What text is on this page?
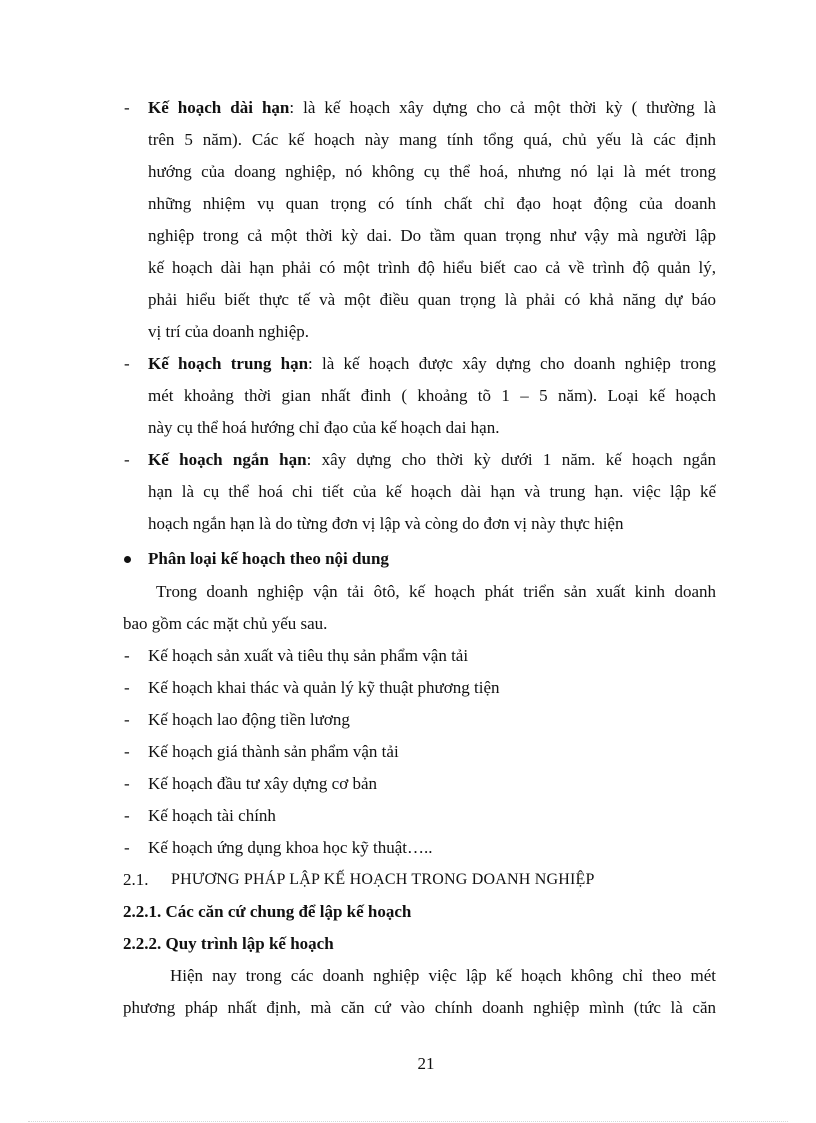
- Kế hoạch dài hạn: là kế hoạch xây dựng cho cả một thời kỳ ( thường là
trên 5 năm). Các kế hoạch này mang tính tổng quá, chủ yếu là các định
hướng của doang nghiệp, nó không cụ thể hoá, nhưng nó lại là mét trong
những nhiệm vụ quan trọng có tính chất chỉ đạo hoạt động của doanh
nghiệp trong cả một thời kỳ dai. Do tầm quan trọng như vậy mà người lập
kế hoạch dài hạn phải có một trình độ hiểu biết cao cả về trình độ quản lý,
phải hiểu biết thực tế và một điều quan trọng là phải có khả năng dự báo
vị trí của doanh nghiệp.
- Kế hoạch trung hạn: là kế hoạch được xây dựng cho doanh nghiệp trong
mét khoảng thời gian nhất đinh ( khoảng tõ 1 – 5 năm). Loại kế hoạch
này cụ thể hoá hướng chỉ đạo của kế hoạch dai hạn.
- Kế hoạch ngắn hạn: xây dựng cho thời kỳ dưới 1 năm. kế hoạch ngắn
hạn là cụ thể hoá chi tiết của kế hoạch dài hạn và trung hạn. việc lập kế
hoạch ngắn hạn là do từng đơn vị lập và còng do đơn vị này thực hiện
Phân loại kế hoạch theo nội dung
Trong doanh nghiệp vận tải ôtô, kế hoạch phát triển sản xuất kinh doanh
bao gồm các mặt chủ yếu sau.
- Kế hoạch sản xuất và tiêu thụ sản phẩm vận tải
- Kế hoạch khai thác và quản lý kỹ thuật phương tiện
- Kế hoạch lao động tiền lương
- Kế hoạch giá thành sản phẩm vận tải
- Kế hoạch đầu tư xây dựng cơ bản
- Kế hoạch tài chính
- Kế hoạch ứng dụng khoa học kỹ thuật…..
2.1. PHƯƠNG PHÁP LẬP KẾ HOẠCH TRONG DOANH NGHIỆP
2.2.1. Các căn cứ chung để lập kế hoạch
2.2.2. Quy trình lập kế hoạch
Hiện nay trong các doanh nghiệp việc lập kế hoạch không chỉ theo mét
phương pháp nhất định, mà căn cứ vào chính doanh nghiệp mình (tức là căn
21
